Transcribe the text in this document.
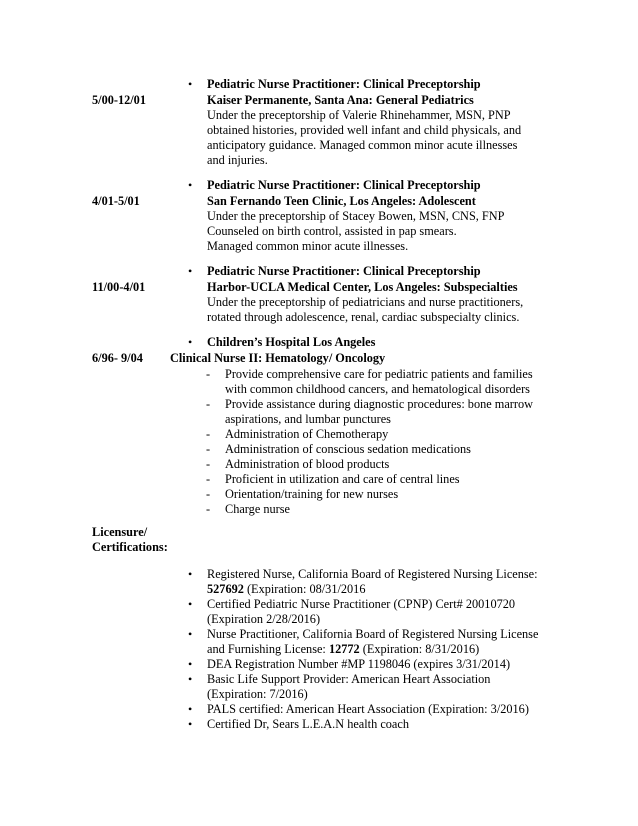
• Pediatric Nurse Practitioner: Clinical Preceptorship
5/00-12/01	Kaiser Permanente, Santa Ana: General Pediatrics
Under the preceptorship of Valerie Rhinehammer, MSN, PNP
obtained histories, provided well infant and child physicals, and
anticipatory guidance. Managed common minor acute illnesses
and injuries.
• Pediatric Nurse Practitioner: Clinical Preceptorship
4/01-5/01	San Fernando Teen Clinic, Los Angeles: Adolescent
Under the preceptorship of Stacey Bowen, MSN, CNS, FNP
Counseled on birth control, assisted in pap smears.
Managed common minor acute illnesses.
• Pediatric Nurse Practitioner: Clinical Preceptorship
11/00-4/01	Harbor-UCLA Medical Center, Los Angeles: Subspecialties
Under the preceptorship of pediatricians and nurse practitioners,
rotated through adolescence, renal, cardiac subspecialty clinics.
• Children’s Hospital Los Angeles
6/96- 9/04 Clinical Nurse II: Hematology/ Oncology
- Provide comprehensive care for pediatric patients and families
with common childhood cancers, and hematological disorders
- Provide assistance during diagnostic procedures: bone marrow
aspirations, and lumbar punctures
- Administration of Chemotherapy
- Administration of conscious sedation medications
- Administration of blood products
- Proficient in utilization and care of central lines
- Orientation/training for new nurses
- Charge nurse
Licensure/
Certifications:
• Registered Nurse, California Board of Registered Nursing License:
527692 (Expiration: 08/31/2016
• Certified Pediatric Nurse Practitioner (CPNP) Cert# 20010720
(Expiration 2/28/2016)
• Nurse Practitioner, California Board of Registered Nursing License
and Furnishing License: 12772 (Expiration: 8/31/2016)
• DEA Registration Number #MP 1198046 (expires 3/31/2014)
• Basic Life Support Provider: American Heart Association
(Expiration: 7/2016)
• PALS certified: American Heart Association (Expiration: 3/2016)
• Certified Dr, Sears L.E.A.N health coach
